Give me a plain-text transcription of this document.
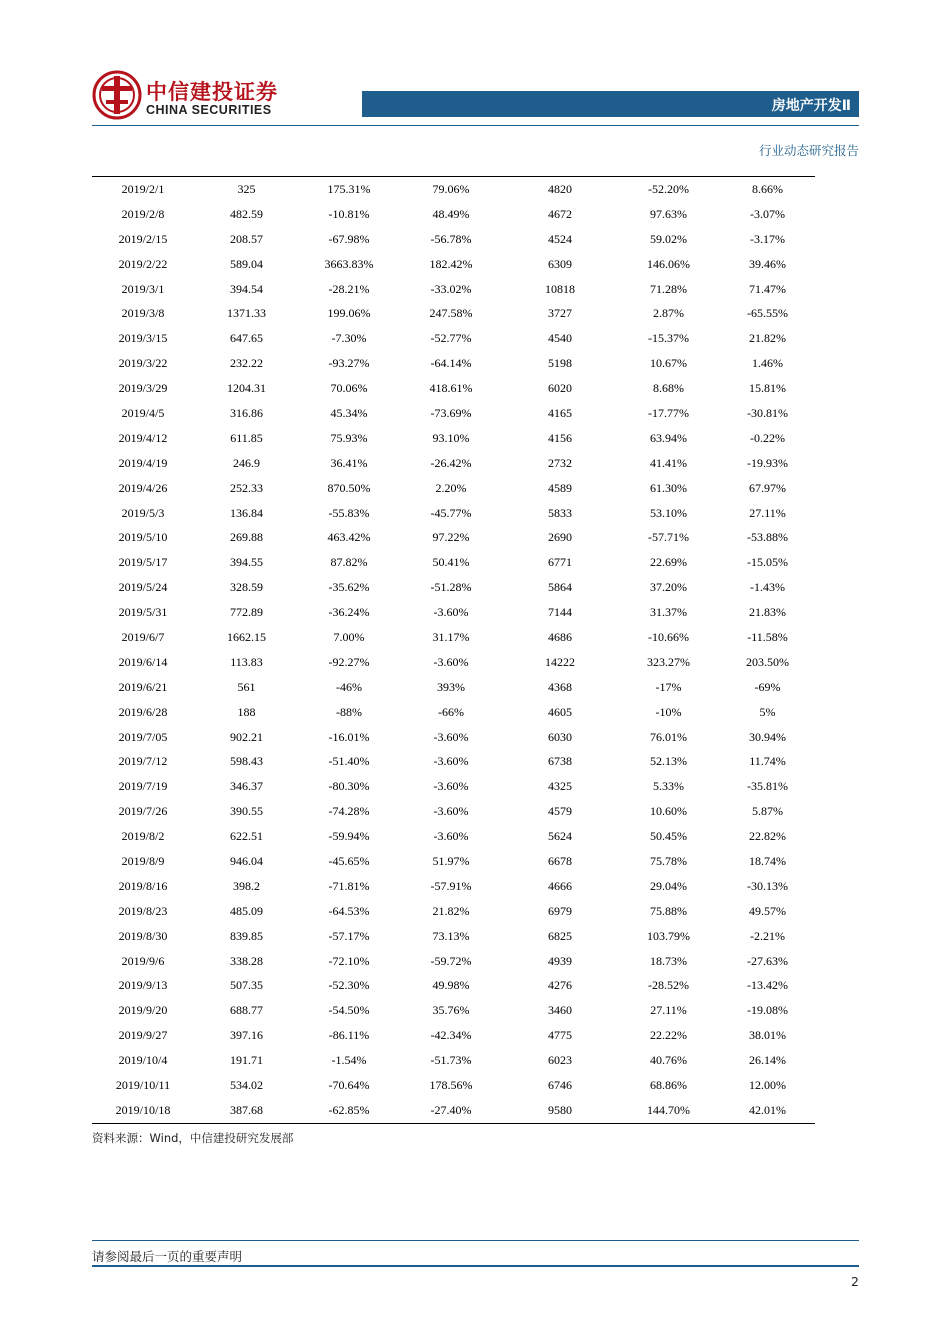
中信建投证券
CHINA SECURITIES	房地产开发Ⅱ
行业动态研究报告
2019/2/1	325	175.31%	79.06%	4820	-52.20%	8.66%
2019/2/8	482.59	-10.81%	48.49%	4672	97.63%	-3.07%
2019/2/15	208.57	-67.98%	-56.78%	4524	59.02%	-3.17%
2019/2/22	589.04	3663.83%	182.42%	6309	146.06%	39.46%
2019/3/1	394.54	-28.21%	-33.02%	10818	71.28%	71.47%
2019/3/8	1371.33	199.06%	247.58%	3727	2.87%	-65.55%
2019/3/15	647.65	-7.30%	-52.77%	4540	-15.37%	21.82%
2019/3/22	232.22	-93.27%	-64.14%	5198	10.67%	1.46%
2019/3/29	1204.31	70.06%	418.61%	6020	8.68%	15.81%
2019/4/5	316.86	45.34%	-73.69%	4165	-17.77%	-30.81%
2019/4/12	611.85	75.93%	93.10%	4156	63.94%	-0.22%
2019/4/19	246.9	36.41%	-26.42%	2732	41.41%	-19.93%
2019/4/26	252.33	870.50%	2.20%	4589	61.30%	67.97%
2019/5/3	136.84	-55.83%	-45.77%	5833	53.10%	27.11%
2019/5/10	269.88	463.42%	97.22%	2690	-57.71%	-53.88%
2019/5/17	394.55	87.82%	50.41%	6771	22.69%	-15.05%
2019/5/24	328.59	-35.62%	-51.28%	5864	37.20%	-1.43%
2019/5/31	772.89	-36.24%	-3.60%	7144	31.37%	21.83%
2019/6/7	1662.15	7.00%	31.17%	4686	-10.66%	-11.58%
2019/6/14	113.83	-92.27%	-3.60%	14222	323.27%	203.50%
2019/6/21	561	-46%	393%	4368	-17%	-69%
2019/6/28	188	-88%	-66%	4605	-10%	5%
2019/7/05	902.21	-16.01%	-3.60%	6030	76.01%	30.94%
2019/7/12	598.43	-51.40%	-3.60%	6738	52.13%	11.74%
2019/7/19	346.37	-80.30%	-3.60%	4325	5.33%	-35.81%
2019/7/26	390.55	-74.28%	-3.60%	4579	10.60%	5.87%
2019/8/2	622.51	-59.94%	-3.60%	5624	50.45%	22.82%
2019/8/9	946.04	-45.65%	51.97%	6678	75.78%	18.74%
2019/8/16	398.2	-71.81%	-57.91%	4666	29.04%	-30.13%
2019/8/23	485.09	-64.53%	21.82%	6979	75.88%	49.57%
2019/8/30	839.85	-57.17%	73.13%	6825	103.79%	-2.21%
2019/9/6	338.28	-72.10%	-59.72%	4939	18.73%	-27.63%
2019/9/13	507.35	-52.30%	49.98%	4276	-28.52%	-13.42%
2019/9/20	688.77	-54.50%	35.76%	3460	27.11%	-19.08%
2019/9/27	397.16	-86.11%	-42.34%	4775	22.22%	38.01%
2019/10/4	191.71	-1.54%	-51.73%	6023	40.76%	26.14%
2019/10/11	534.02	-70.64%	178.56%	6746	68.86%	12.00%
2019/10/18	387.68	-62.85%	-27.40%	9580	144.70%	42.01%
资料来源：Wind，中信建投研究发展部
请参阅最后一页的重要声明
2
